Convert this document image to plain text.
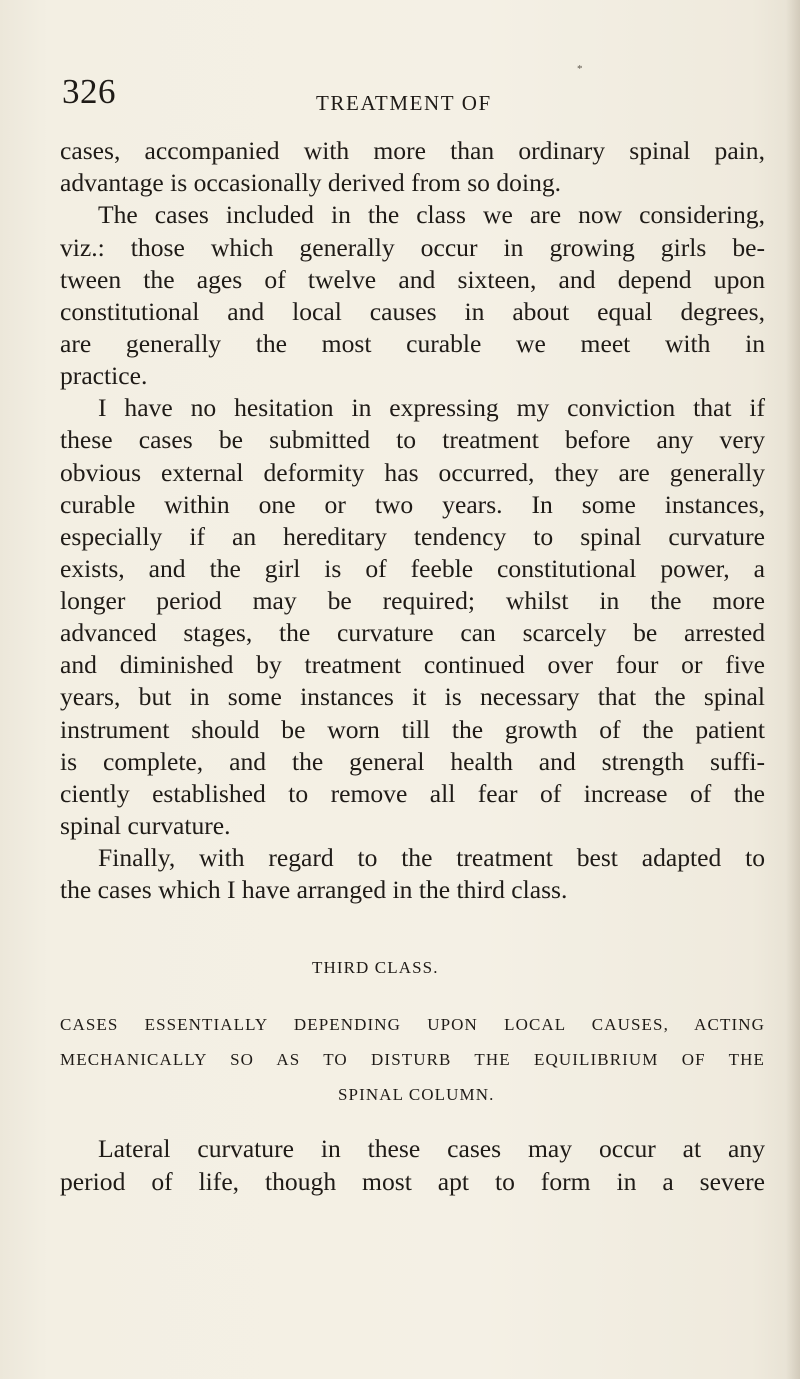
326	TREATMENT OF
*
cases, accompanied with more than ordinary spinal pain,
advantage is occasionally derived from so doing.
The cases included in the class we are now considering,
viz.: those which generally occur in growing girls be-
tween the ages of twelve and sixteen, and depend upon
constitutional and local causes in about equal degrees,
are generally the most curable we meet with in
practice.
I have no hesitation in expressing my conviction that if
these cases be submitted to treatment before any very
obvious external deformity has occurred, they are generally
curable within one or two years. In some instances,
especially if an hereditary tendency to spinal curvature
exists, and the girl is of feeble constitutional power, a
longer period may be required; whilst in the more
advanced stages, the curvature can scarcely be arrested
and diminished by treatment continued over four or five
years, but in some instances it is necessary that the spinal
instrument should be worn till the growth of the patient
is complete, and the general health and strength suffi-
ciently established to remove all fear of increase of the
spinal curvature.
Finally, with regard to the treatment best adapted to
the cases which I have arranged in the third class.
THIRD CLASS.
CASES ESSENTIALLY DEPENDING UPON LOCAL CAUSES, ACTING
MECHANICALLY SO AS TO DISTURB THE EQUILIBRIUM OF THE
SPINAL COLUMN.
Lateral curvature in these cases may occur at any
period of life, though most apt to form in a severe
